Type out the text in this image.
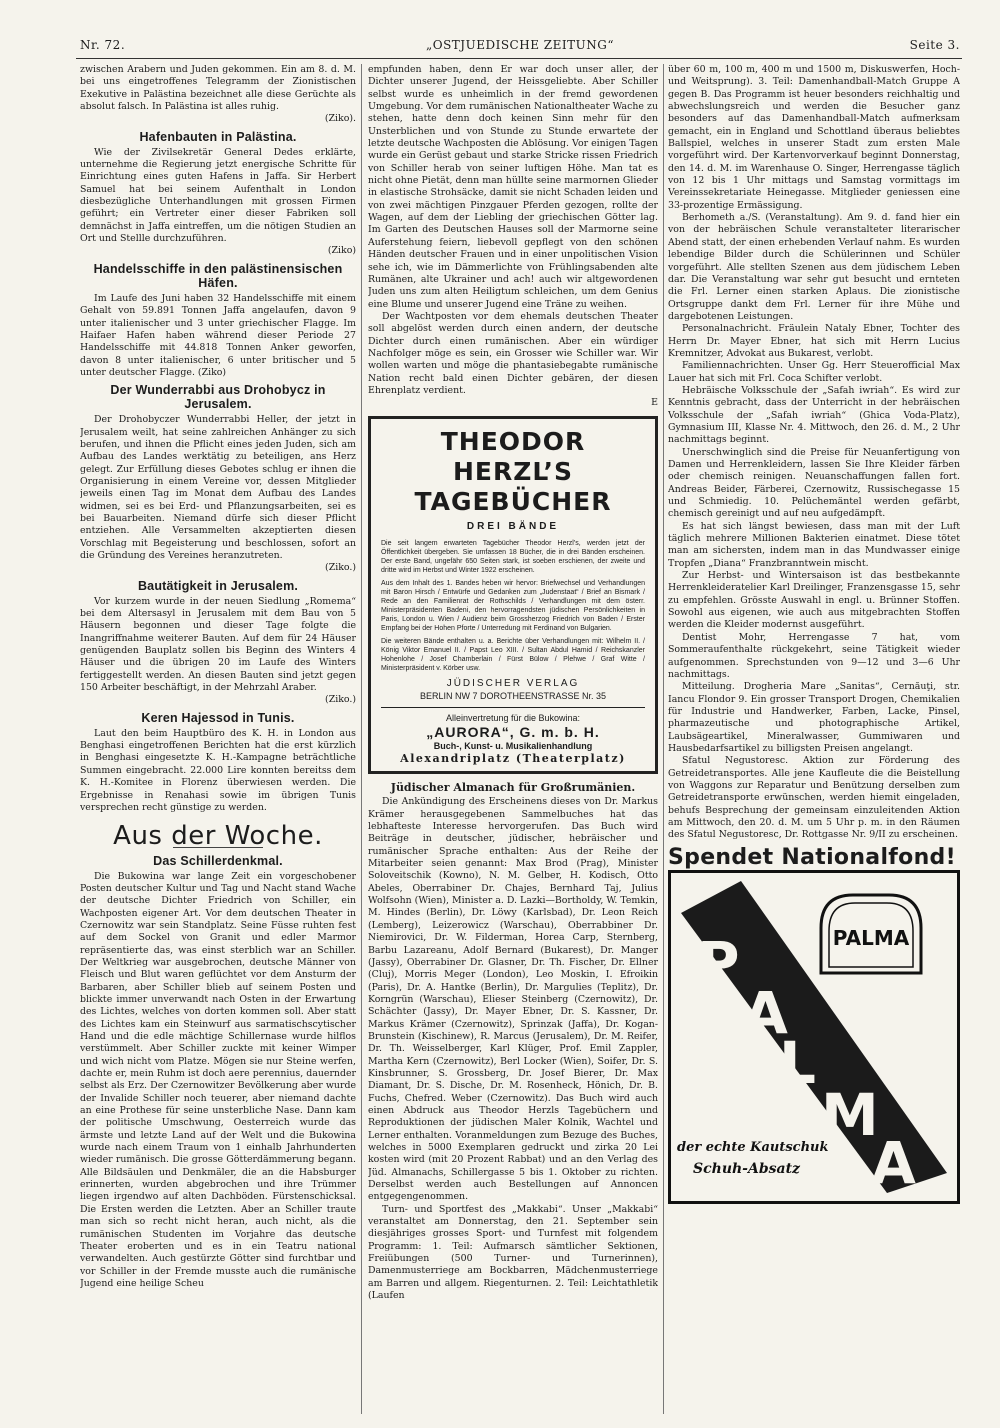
Nr. 72.	„OSTJUEDISCHE ZEITUNG“	Seite 3.

zwischen Arabern und Juden gekommen. Ein am 8. d. M. bei uns eingetroffenes Telegramm der Zionistischen Exekutive in Palästina bezeichnet alle diese Gerüchte als absolut falsch. In Palästina ist alles ruhig.

(Ziko).
Hafenbauten in Palästina.

Wie der Zivilsekretär General Dedes erklärte, unternehme die Regierung jetzt energische Schritte für Einrichtung eines guten Hafens in Jaffa. Sir Herbert Samuel hat bei seinem Aufenthalt in London diesbezügliche Unterhandlungen mit grossen Firmen geführt; ein Vertreter einer dieser Fabriken soll demnächst in Jaffa eintreffen, um die nötigen Studien an Ort und Stellle durchzuführen.

(Ziko)
Handelsschiffe in den palästinensischen Häfen.

Im Laufe des Juni haben 32 Handelsschiffe mit einem Gehalt von 59.891 Tonnen Jaffa angelaufen, davon 9 unter italienischer und 3 unter griechischer Flagge. Im Haifaer Hafen haben während dieser Periode 27 Handelsschiffe mit 44.818 Tonnen Anker geworfen, davon 8 unter italienischer, 6 unter britischer und 5 unter deutscher Flagge. (Ziko)

Der Wunderrabbi aus Drohobycz in Jerusalem.

Der Drohobyczer Wunderrabbi Heller, der jetzt in Jerusalem weilt, hat seine zahlreichen Anhänger zu sich berufen, und ihnen die Pflicht eines jeden Juden, sich am Aufbau des Landes werktätig zu beteiligen, ans Herz gelegt. Zur Erfüllung dieses Gebotes schlug er ihnen die Organisierung in einem Vereine vor, dessen Mitglieder jeweils einen Tag im Monat dem Aufbau des Landes widmen, sei es bei Erd- und Pflanzungsarbeiten, sei es bei Bauarbeiten. Niemand dürfe sich dieser Pflicht entziehen. Alle Versammelten akzeptierten diesen Vorschlag mit Begeisterung und beschlossen, sofort an die Gründung des Vereines heranzutreten.

(Ziko.)
Bautätigkeit in Jerusalem.

Vor kurzem wurde in der neuen Siedlung „Romema“ bei dem Altersasyl in Jerusalem mit dem Bau von 5 Häusern begonnen und dieser Tage folgte die Inangriffnahme weiterer Bauten. Auf dem für 24 Häuser genügenden Bauplatz sollen bis Beginn des Winters 4 Häuser und die übrigen 20 im Laufe des Winters fertiggestellt werden. An diesen Bauten sind jetzt gegen 150 Arbeiter beschäftigt, in der Mehrzahl Araber.

(Ziko.)
Keren Hajessod in Tunis.

Laut den beim Hauptbüro des K. H. in London aus Benghasi eingetroffenen Berichten hat die erst kürzlich in Benghasi eingesetzte K. H.-Kampagne beträchtliche Summen eingebracht. 22.000 Lire konnten bereitss dem K. H.-Komitee in Florenz überwiesen werden. Die Ergebnisse in Renahasi sowie im übrigen Tunis versprechen recht günstige zu werden.

Aus der Woche.
Das Schillerdenkmal.

Die Bukowina war lange Zeit ein vorgeschobener Posten deutscher Kultur und Tag und Nacht stand Wache der deutsche Dichter Friedrich von Schiller, ein Wachposten eigener Art. Vor dem deutschen Theater in Czernowitz war sein Standplatz. Seine Füsse ruhten fest auf dem Sockel von Granit und edler Marmor repräsentierte das, was einst sterblich war an Schiller. Der Weltkrieg war ausgebrochen, deutsche Männer von Fleisch und Blut waren geflüchtet vor dem Ansturm der Barbaren, aber Schiller blieb auf seinem Posten und blickte immer unverwandt nach Osten in der Erwartung des Lichtes, welches von dorten kommen soll. Aber statt des Lichtes kam ein Steinwurf aus sarmatischscytischer Hand und die edle mächtige Schillernase wurde hilflos verstümmelt. Aber Schiller zuckte mit keiner Wimper und wich nicht vom Platze. Mögen sie nur Steine werfen, dachte er, mein Ruhm ist doch aere perennius, dauernder selbst als Erz. Der Czernowitzer Bevölkerung aber wurde der Invalide Schiller noch teuerer, aber niemand dachte an eine Prothese für seine unsterbliche Nase. Dann kam der politische Umschwung, Oesterreich wurde das ärmste und letzte Land auf der Welt und die Bukowina wurde nach einem Traum von 1 einhalb Jahrhunderten wieder rumänisch. Die grosse Götterdämmerung begann. Alle Bildsäulen und Denkmäler, die an die Habsburger erinnerten, wurden abgebrochen und ihre Trümmer liegen irgendwo auf alten Dachböden. Fürstenschicksal. Die Ersten werden die Letzten. Aber an Schiller traute man sich so recht nicht heran, auch nicht, als die rumänischen Studenten im Vorjahre das deutsche Theater eroberten und es in ein Teatru national verwandelten. Auch gestürzte Götter sind furchtbar und vor Schiller in der Fremde musste auch die rumänische Jugend eine heilige Scheu

empfunden haben, denn Er war doch unser aller, der Dichter unserer Jugend, der Heissgeliebte. Aber Schiller selbst wurde es unheimlich in der fremd gewordenen Umgebung. Vor dem rumänischen Nationaltheater Wache zu stehen, hatte denn doch keinen Sinn mehr für den Unsterblichen und von Stunde zu Stunde erwartete der letzte deutsche Wachposten die Ablösung. Vor einigen Tagen wurde ein Gerüst gebaut und starke Stricke rissen Friedrich von Schiller herab von seiner luftigen Höhe. Man tat es nicht ohne Pietät, denn man hüllte seine marmornen Glieder in elastische Strohsäcke, damit sie nicht Schaden leiden und von zwei mächtigen Pinzgauer Pferden gezogen, rollte der Wagen, auf dem der Liebling der griechischen Götter lag. Im Garten des Deutschen Hauses soll der Marmorne seine Auferstehung feiern, liebevoll gepflegt von den schönen Händen deutscher Frauen und in einer unpolitischen Vision sehe ich, wie im Dämmerlichte von Frühlingsabenden alte Rumänen, alte Ukrainer und ach! auch wir altgewordenen Juden uns zum alten Heiligtum schleichen, um dem Genius eine Blume und unserer Jugend eine Träne zu weihen.

Der Wachtposten vor dem ehemals deutschen Theater soll abgelöst werden durch einen andern, der deutsche Dichter durch einen rumänischen. Aber ein würdiger Nachfolger möge es sein, ein Grosser wie Schiller war. Wir wollen warten und möge die phantasiebegabte rumänische Nation recht bald einen Dichter gebären, der diesen Ehrenplatz verdient.

E
THEODOR HERZL’S
TAGEBÜCHER
DREI BÄNDE
Die seit langem erwarteten Tagebücher Theodor Herzl’s, werden jetzt der Öffentlichkeit übergeben. Sie umfassen 18 Bücher, die in drei Bänden erscheinen. Der erste Band, ungefähr 650 Seiten stark, ist soeben erschienen, der zweite und dritte wird im Herbst und Winter 1922 erscheinen.
Aus dem Inhalt des 1. Bandes heben wir hervor: Briefwechsel und Verhandlungen mit Baron Hirsch / Entwürfe und Gedanken zum „Judenstaat“ / Brief an Bismark / Rede an den Familienrat der Rothschilds / Verhandlungen mit dem österr. Ministerpräsidenten Badeni, den hervorragendsten jüdischen Persönlichkeiten in Paris, London u. Wien / Audienz beim Grossherzog Friedrich von Baden / Erster Empfang bei der Hohen Pforte / Unterredung mit Ferdinand von Bulgarien.
Die weiteren Bände enthalten u. a. Berichte über Verhandlungen mit: Wilhelm II. / König Viktor Emanuel II. / Papst Leo XIII. / Sultan Abdul Hamid / Reichskanzler Hohenlohe / Josef Chamberlain / Fürst Bülow / Plehwe / Graf Witte / Ministerpräsident v. Körber usw.
JÜDISCHER VERLAG
BERLIN NW 7 DOROTHEENSTRASSE Nr. 35
Alleinvertretung für die Bukowina:
„AURORA“, G. m. b. H.
Buch-, Kunst- u. Musikalienhandlung
Alexandriplatz (Theaterplatz)
Jüdischer Almanach für Großrumänien.

Die Ankündigung des Erscheinens dieses von Dr. Markus Krämer herausgegebenen Sammelbuches hat das lebhafteste Interesse hervorgerufen. Das Buch wird Beiträge in deutscher, jüdischer, hebräischer und rumänischer Sprache enthalten: Aus der Reihe der Mitarbeiter seien genannt: Max Brod (Prag), Minister Soloveitschik (Kowno), N. M. Gelber, H. Kodisch, Otto Abeles, Oberrabiner Dr. Chajes, Bernhard Taj, Julius Wolfsohn (Wien), Minister a. D. Lazki—Bortholdy, W. Temkin, M. Hindes (Berlin), Dr. Löwy (Karlsbad), Dr. Leon Reich (Lemberg), Leizerowicz (Warschau), Oberrabbiner Dr. Niemirovici, Dr. W. Filderman, Horea Carp, Sternberg, Barbu Lazareanu, Adolf Bernard (Bukarest), Dr. Manger (Jassy), Oberrabiner Dr. Glasner, Dr. Th. Fischer, Dr. Ellner (Cluj), Morris Meger (London), Leo Moskin, I. Efroikin (Paris), Dr. A. Hantke (Berlin), Dr. Margulies (Teplitz), Dr. Korngrün (Warschau), Elieser Steinberg (Czernowitz), Dr. Schächter (Jassy), Dr. Mayer Ebner, Dr. S. Kassner, Dr. Markus Krämer (Czernowitz), Sprinzak (Jaffa), Dr. Kogan-Brunstein (Kischinew), R. Marcus (Jerusalem), Dr. M. Reifer, Dr. Th. Weisselberger, Karl Klüger, Prof. Emil Zappler, Martha Kern (Czernowitz), Berl Locker (Wien), Soifer, Dr. S. Kinsbrunner, S. Grossberg, Dr. Josef Bierer, Dr. Max Diamant, Dr. S. Dische, Dr. M. Rosenheck, Hönich, Dr. B. Fuchs, Chefred. Weber (Czernowitz). Das Buch wird auch einen Abdruck aus Theodor Herzls Tagebüchern und Reproduktionen der jüdischen Maler Kolnik, Wachtel und Lerner enthalten. Voranmeldungen zum Bezuge des Buches, welches in 5000 Exemplaren gedruckt und zirka 20 Lei kosten wird (mit 20 Prozent Rabbat) und an den Verlag des Jüd. Almanachs, Schillergasse 5 bis 1. Oktober zu richten. Derselbst werden auch Bestellungen auf Annoncen entgegengenommen.

Turn- und Sportfest des „Makkabi“. Unser „Makkabi“ veranstaltet am Donnerstag, den 21. September sein diesjähriges grosses Sport- und Turnfest mit folgendem Programm: 1. Teil: Aufmarsch sämtlicher Sektionen, Freiübungen (500 Turner- und Turnerinnen), Damenmusterriege am Bockbarren, Mädchenmusterriege am Barren und allgem. Riegenturnen. 2. Teil: Leichtathletik (Laufen

über 60 m, 100 m, 400 m und 1500 m, Diskuswerfen, Hoch- und Weitsprung). 3. Teil: Damenhandball-Match Gruppe A gegen B. Das Programm ist heuer besonders reichhaltig und abwechslungsreich und werden die Besucher ganz besonders auf das Damenhandball-Match aufmerksam gemacht, ein in England und Schottland überaus beliebtes Ballspiel, welches in unserer Stadt zum ersten Male vorgeführt wird. Der Kartenvorverkauf beginnt Donnerstag, den 14. d. M. im Warenhause O. Singer, Herrengasse täglich von 12 bis 1 Uhr mittags und Samstag vormittags im Vereinssekretariate Heinegasse. Mitglieder geniessen eine 33-prozentige Ermässigung.

Berhometh a./S. (Veranstaltung). Am 9. d. fand hier ein von der hebräischen Schule veranstalteter literarischer Abend statt, der einen erhebenden Verlauf nahm. Es wurden lebendige Bilder durch die Schülerinnen und Schüler vorgeführt. Alle stellten Szenen aus dem jüdischem Leben dar. Die Veranstaltung war sehr gut besucht und ernteten die Frl. Lerner einen starken Aplaus. Die zionistische Ortsgruppe dankt dem Frl. Lerner für ihre Mühe und dargebotenen Leistungen.

Personalnachricht. Fräulein Nataly Ebner, Tochter des Herrn Dr. Mayer Ebner, hat sich mit Herrn Lucius Kremnitzer, Advokat aus Bukarest, verlobt.

Familiennachrichten. Unser Gg. Herr Steuerofficial Max Lauer hat sich mit Frl. Coca Schifter verlobt.

Hebräische Volksschule der „Safah iwriah“. Es wird zur Kenntnis gebracht, dass der Unterricht in der hebräischen Volksschule der „Safah iwriah“ (Ghica Voda-Platz), Gymnasium III, Klasse Nr. 4. Mittwoch, den 26. d. M., 2 Uhr nachmittags beginnt.

Unerschwinglich sind die Preise für Neuanfertigung von Damen und Herrenkleidern, lassen Sie Ihre Kleider färben oder chemisch reinigen. Neuanschaffungen fallen fort. Andreas Beider, Färberei, Czernowitz, Russischegasse 15 und Schmiedig. 10. Pelüchemäntel werden gefärbt, chemisch gereinigt und auf neu aufgedämpft.

Es hat sich längst bewiesen, dass man mit der Luft täglich mehrere Millionen Bakterien einatmet. Diese tötet man am sichersten, indem man in das Mundwasser einige Tropfen „Diana“ Franzbranntwein mischt.

Zur Herbst- und Wintersaison ist das bestbekannte Herrenkleideratelier Karl Dreilinger, Franzensgasse 15, sehr zu empfehlen. Grösste Auswahl in engl. u. Brünner Stoffen. Sowohl aus eigenen, wie auch aus mitgebrachten Stoffen werden die Kleider modernst ausgeführt.

Dentist Mohr, Herrengasse 7 hat, vom Sommeraufenthalte rückgekehrt, seine Tätigkeit wieder aufgenommen. Sprechstunden von 9—12 und 3—6 Uhr nachmittags.

Mitteilung. Drogheria Mare „Sanitas“, Cernăuţi, str. Iancu Flondor 9. Ein grosser Transport Drogen, Chemikalien für Industrie und Handwerker, Farben, Lacke, Pinsel, pharmazeutische und photographische Artikel, Laubsägeartikel, Mineralwasser, Gummiwaren und Hausbedarfsartikel zu billigsten Preisen angelangt.

Sfatul Negustoresc. Aktion zur Förderung des Getreidetransportes. Alle jene Kaufleute die die Beistellung von Waggons zur Reparatur und Benützung derselben zum Getreidetransporte erwünschen, werden hiemit eingeladen, behufs Besprechung der gemeinsam einzuleitenden Aktion am Mittwoch, den 20. d. M. um 5 Uhr p. m. in den Räumen des Sfatul Negustoresc, Dr. Rottgasse Nr. 9/II zu erscheinen.

Spendet Nationalfond!
PALMA
P
A
L
M
A
der echte Kautschuk
Schuh-Absatz
